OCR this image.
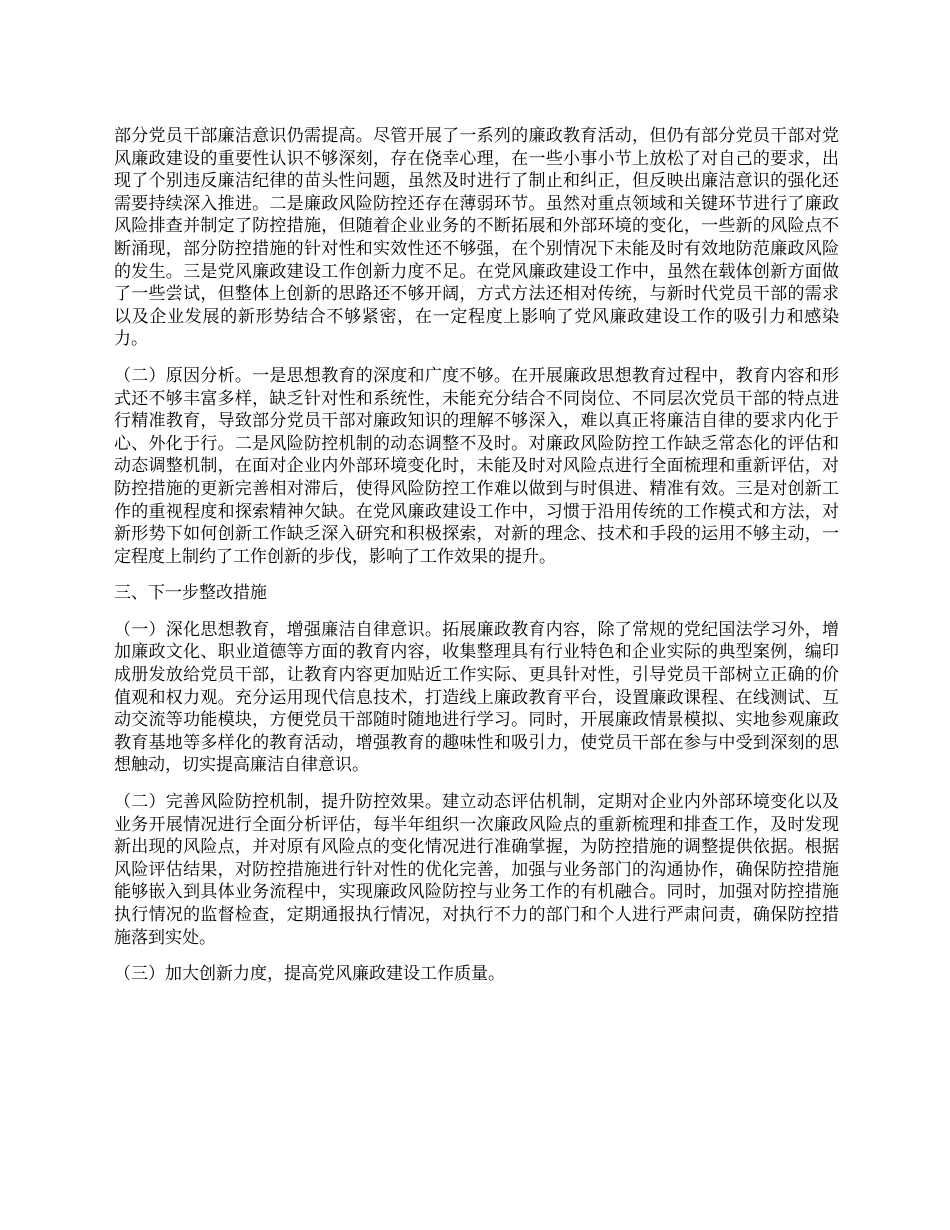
部分党员干部廉洁意识仍需提高。尽管开展了一系列的廉政教育活动，但仍有部分党员干部对党风廉政建设的重要性认识不够深刻，存在侥幸心理，在一些小事小节上放松了对自己的要求，出现了个别违反廉洁纪律的苗头性问题，虽然及时进行了制止和纠正，但反映出廉洁意识的强化还需要持续深入推进。二是廉政风险防控还存在薄弱环节。虽然对重点领域和关键环节进行了廉政风险排查并制定了防控措施，但随着企业业务的不断拓展和外部环境的变化，一些新的风险点不断涌现，部分防控措施的针对性和实效性还不够强，在个别情况下未能及时有效地防范廉政风险的发生。三是党风廉政建设工作创新力度不足。在党风廉政建设工作中，虽然在载体创新方面做了一些尝试，但整体上创新的思路还不够开阔，方式方法还相对传统，与新时代党员干部的需求以及企业发展的新形势结合不够紧密，在一定程度上影响了党风廉政建设工作的吸引力和感染力。

（二）原因分析。一是思想教育的深度和广度不够。在开展廉政思想教育过程中，教育内容和形式还不够丰富多样，缺乏针对性和系统性，未能充分结合不同岗位、不同层次党员干部的特点进行精准教育，导致部分党员干部对廉政知识的理解不够深入，难以真正将廉洁自律的要求内化于心、外化于行。二是风险防控机制的动态调整不及时。对廉政风险防控工作缺乏常态化的评估和动态调整机制，在面对企业内外部环境变化时，未能及时对风险点进行全面梳理和重新评估，对防控措施的更新完善相对滞后，使得风险防控工作难以做到与时俱进、精准有效。三是对创新工作的重视程度和探索精神欠缺。在党风廉政建设工作中，习惯于沿用传统的工作模式和方法，对新形势下如何创新工作缺乏深入研究和积极探索，对新的理念、技术和手段的运用不够主动，一定程度上制约了工作创新的步伐，影响了工作效果的提升。

三、下一步整改措施

（一）深化思想教育，增强廉洁自律意识。拓展廉政教育内容，除了常规的党纪国法学习外，增加廉政文化、职业道德等方面的教育内容，收集整理具有行业特色和企业实际的典型案例，编印成册发放给党员干部，让教育内容更加贴近工作实际、更具针对性，引导党员干部树立正确的价值观和权力观。充分运用现代信息技术，打造线上廉政教育平台，设置廉政课程、在线测试、互动交流等功能模块，方便党员干部随时随地进行学习。同时，开展廉政情景模拟、实地参观廉政教育基地等多样化的教育活动，增强教育的趣味性和吸引力，使党员干部在参与中受到深刻的思想触动，切实提高廉洁自律意识。

（二）完善风险防控机制，提升防控效果。建立动态评估机制，定期对企业内外部环境变化以及业务开展情况进行全面分析评估，每半年组织一次廉政风险点的重新梳理和排查工作，及时发现新出现的风险点，并对原有风险点的变化情况进行准确掌握，为防控措施的调整提供依据。根据风险评估结果，对防控措施进行针对性的优化完善，加强与业务部门的沟通协作，确保防控措施能够嵌入到具体业务流程中，实现廉政风险防控与业务工作的有机融合。同时，加强对防控措施执行情况的监督检查，定期通报执行情况，对执行不力的部门和个人进行严肃问责，确保防控措施落到实处。

（三）加大创新力度，提高党风廉政建设工作质量。
